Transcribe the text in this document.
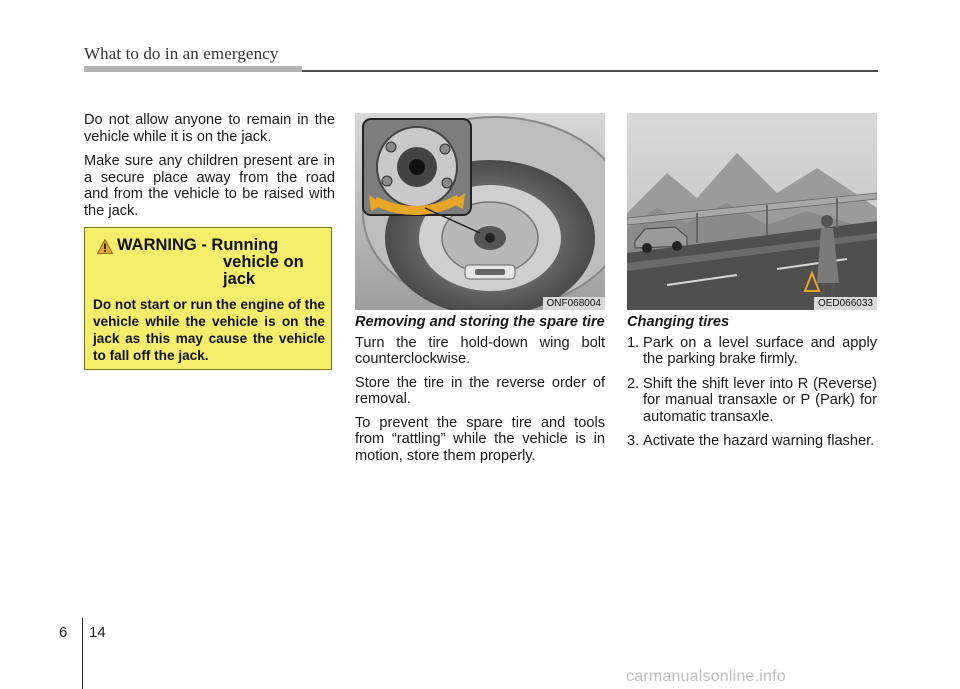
What to do in an emergency

Do not allow anyone to remain in the vehicle while it is on the jack.

Make sure any children present are in a secure place away from the road and from the vehicle to be raised with the jack.

WARNING - Running
vehicle on
jack
Do not start or run the engine of the vehicle while the vehicle is on the jack as this may cause the vehicle to fall off the jack.
ONF068004	OED066033

Removing and storing the spare tire

Turn the tire hold-down wing bolt counterclockwise.

Store the tire in the reverse order of removal.

To prevent the spare tire and tools from “rattling” while the vehicle is in motion, store them properly.

Changing tires

1. Park on a level surface and apply the parking brake firmly.
2. Shift the shift lever into R (Reverse) for manual transaxle or P (Park) for automatic transaxle.
3. Activate the hazard warning flasher.
6 14
carmanualsonline.info
